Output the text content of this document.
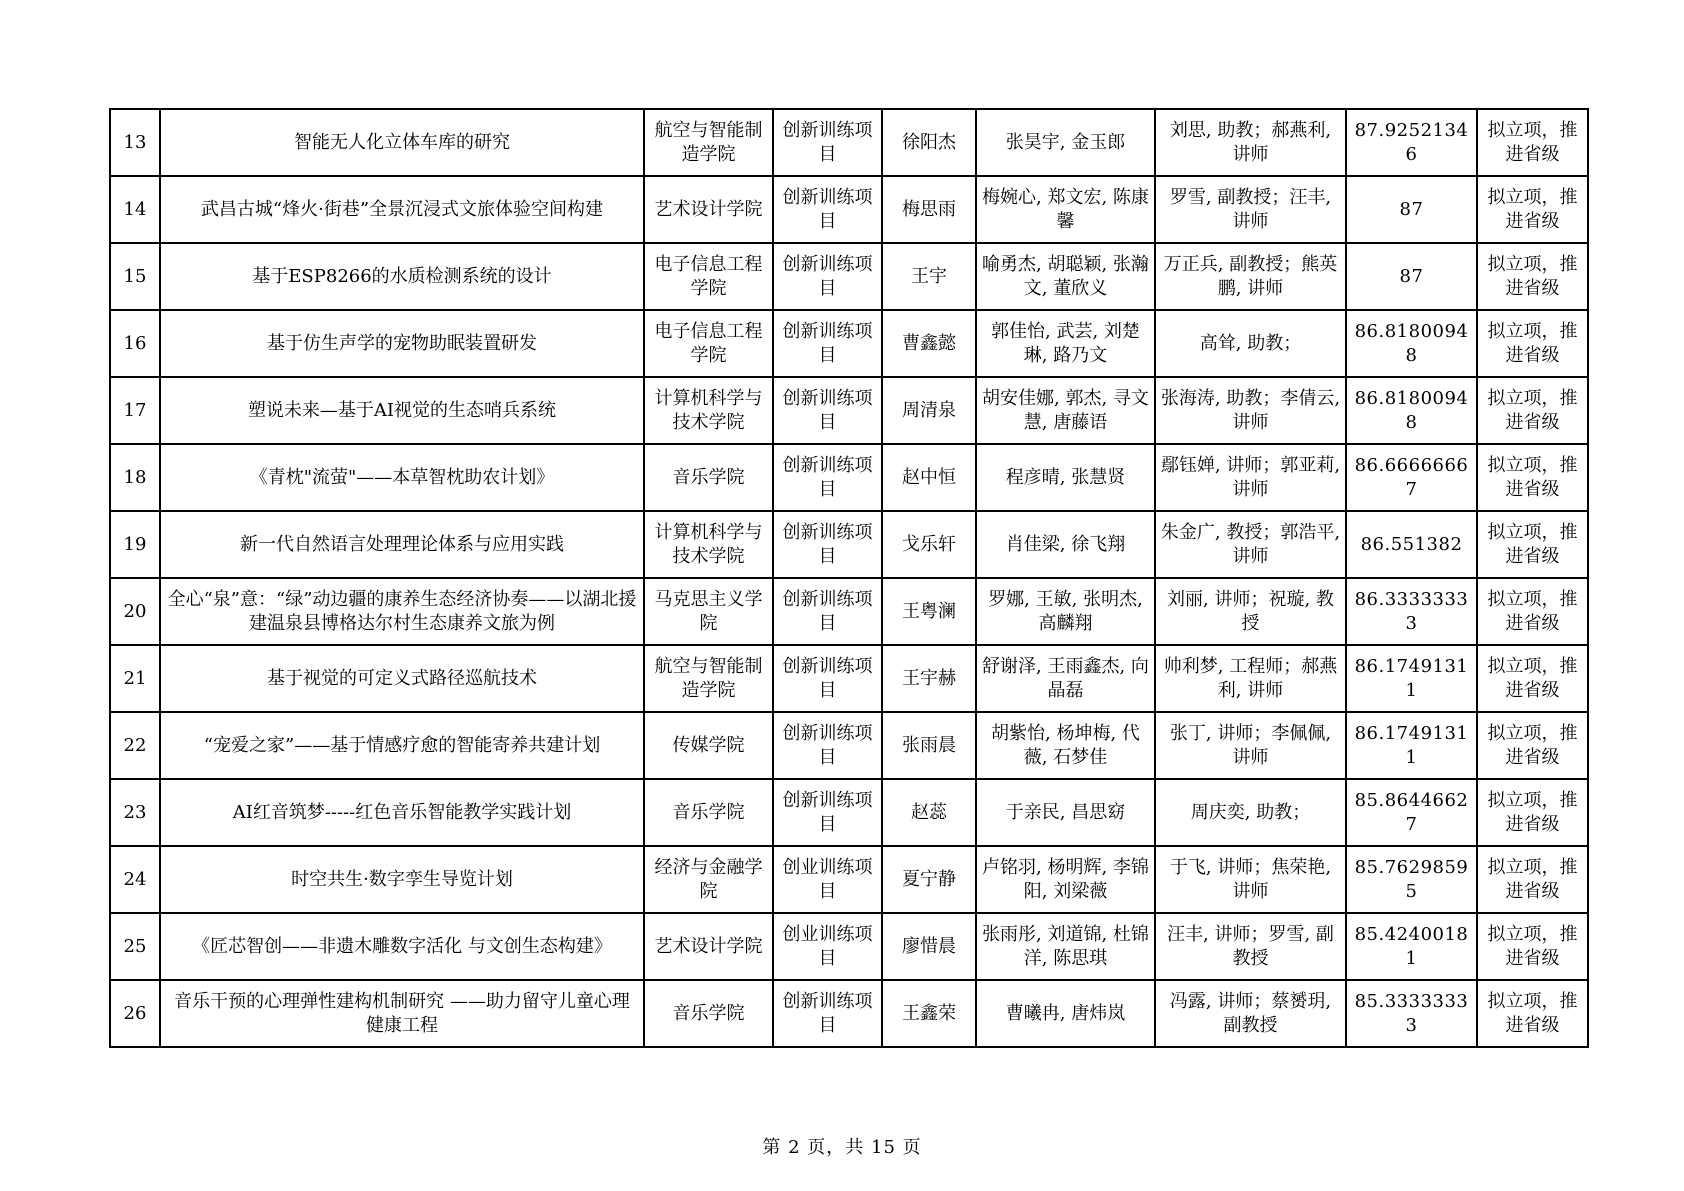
13	智能无人化立体车库的研究	航空与智能制造学院	创新训练项目	徐阳杰	张昊宇, 金玉郎	刘思, 助教；郝燕利, 讲师	87.92521346	拟立项，推进省级
14	武昌古城“烽火·街巷”全景沉浸式文旅体验空间构建	艺术设计学院	创新训练项目	梅思雨	梅婉心, 郑文宏, 陈康馨	罗雪, 副教授；汪丰, 讲师	87	拟立项，推进省级
15	基于ESP8266的水质检测系统的设计	电子信息工程学院	创新训练项目	王宇	喻勇杰, 胡聪颖, 张瀚文, 董欣义	万正兵, 副教授；熊英鹏, 讲师	87	拟立项，推进省级
16	基于仿生声学的宠物助眠装置研发	电子信息工程学院	创新训练项目	曹鑫懿	郭佳怡, 武芸, 刘楚琳, 路乃文	高耸, 助教；	86.81800948	拟立项，推进省级
17	塑说未来—基于AI视觉的生态哨兵系统	计算机科学与技术学院	创新训练项目	周清泉	胡安佳娜, 郭杰, 寻文慧, 唐藤语	张海涛, 助教；李倩云, 讲师	86.81800948	拟立项，推进省级
18	《青枕"流萤"——本草智枕助农计划》	音乐学院	创新训练项目	赵中恒	程彦晴, 张慧贤	鄢钰婵, 讲师；郭亚莉, 讲师	86.66666667	拟立项，推进省级
19	新一代自然语言处理理论体系与应用实践	计算机科学与技术学院	创新训练项目	戈乐轩	肖佳梁, 徐飞翔	朱金广, 教授；郭浩平, 讲师	86.551382	拟立项，推进省级
20	全心“泉”意：“绿”动边疆的康养生态经济协奏——以湖北援建温泉县博格达尔村生态康养文旅为例	马克思主义学院	创新训练项目	王粤澜	罗娜, 王敏, 张明杰, 高麟翔	刘丽, 讲师；祝璇, 教授	86.33333333	拟立项，推进省级
21	基于视觉的可定义式路径巡航技术	航空与智能制造学院	创新训练项目	王宇赫	舒谢泽, 王雨鑫杰, 向晶磊	帅利梦, 工程师；郝燕利, 讲师	86.17491311	拟立项，推进省级
22	“宠爱之家”——基于情感疗愈的智能寄养共建计划	传媒学院	创新训练项目	张雨晨	胡紫怡, 杨坤梅, 代薇, 石梦佳	张丁, 讲师；李佩佩, 讲师	86.17491311	拟立项，推进省级
23	AI红音筑梦-----红色音乐智能教学实践计划	音乐学院	创新训练项目	赵蕊	于亲民, 昌思窈	周庆奕, 助教；	85.86446627	拟立项，推进省级
24	时空共生·数字孪生导览计划	经济与金融学院	创业训练项目	夏宁静	卢铭羽, 杨明辉, 李锦阳, 刘梁薇	于飞, 讲师；焦荣艳, 讲师	85.76298595	拟立项，推进省级
25	《匠芯智创——非遗木雕数字活化 与文创生态构建》	艺术设计学院	创业训练项目	廖惜晨	张雨彤, 刘道锦, 杜锦洋, 陈思琪	汪丰, 讲师；罗雪, 副教授	85.42400181	拟立项，推进省级
26	音乐干预的心理弹性建构机制研究 ——助力留守儿童心理健康工程	音乐学院	创新训练项目	王鑫荣	曹曦冉, 唐炜岚	冯露, 讲师；蔡赟玥, 副教授	85.33333333	拟立项，推进省级
第 2 页，共 15 页
